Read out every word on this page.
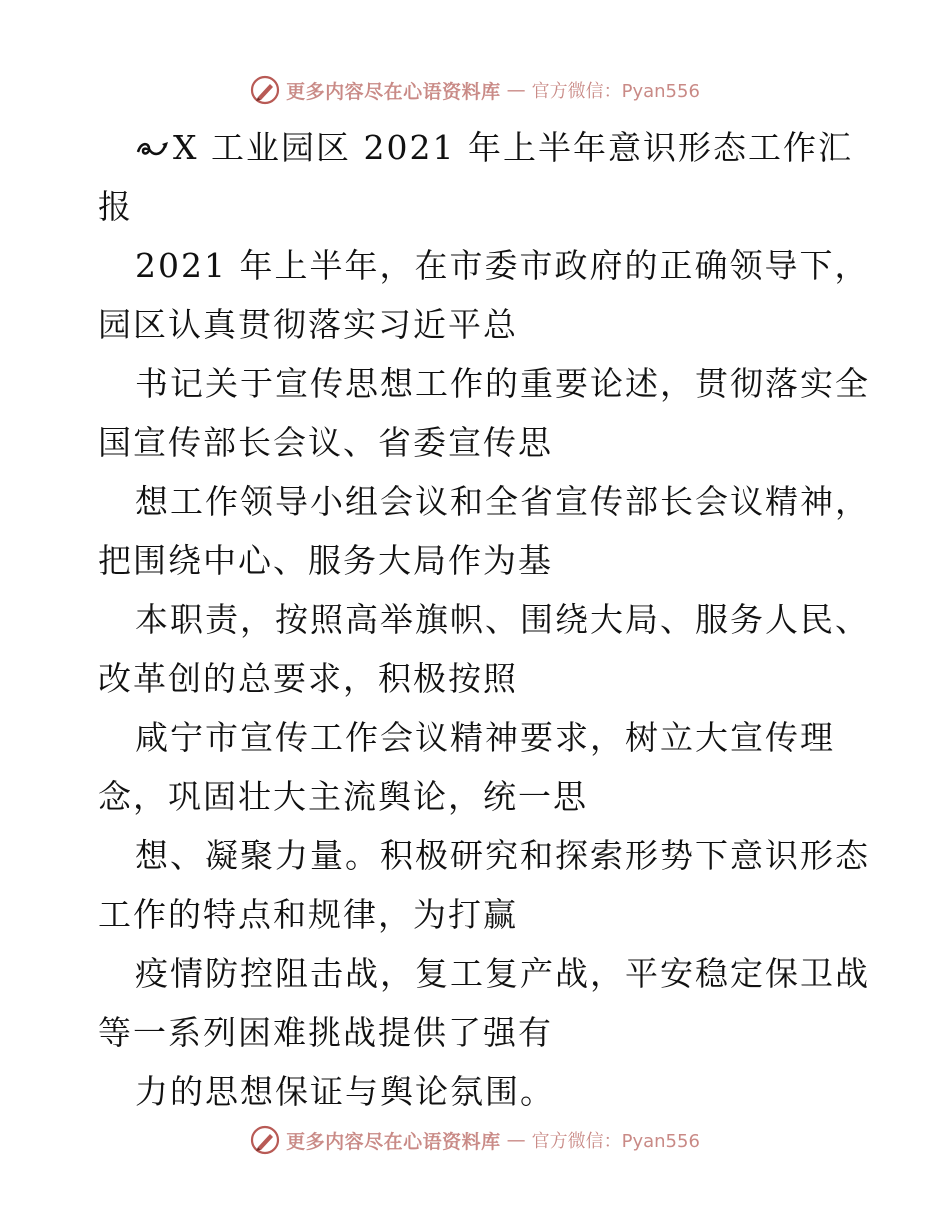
更多内容尽在心语资料库 — 官方微信：Pyan556
X 工业园区 2021 年上半年意识形态工作汇
报
2021 年上半年，在市委市政府的正确领导下，
园区认真贯彻落实习近平总
书记关于宣传思想工作的重要论述，贯彻落实全
国宣传部长会议、省委宣传思
想工作领导小组会议和全省宣传部长会议精神，
把围绕中心、服务大局作为基
本职责，按照高举旗帜、围绕大局、服务人民、
改革创的总要求，积极按照
咸宁市宣传工作会议精神要求，树立大宣传理
念，巩固壮大主流舆论，统一思
想、凝聚力量。积极研究和探索形势下意识形态
工作的特点和规律，为打赢
疫情防控阻击战，复工复产战，平安稳定保卫战
等一系列困难挑战提供了强有
力的思想保证与舆论氛围。
更多内容尽在心语资料库 — 官方微信：Pyan556
